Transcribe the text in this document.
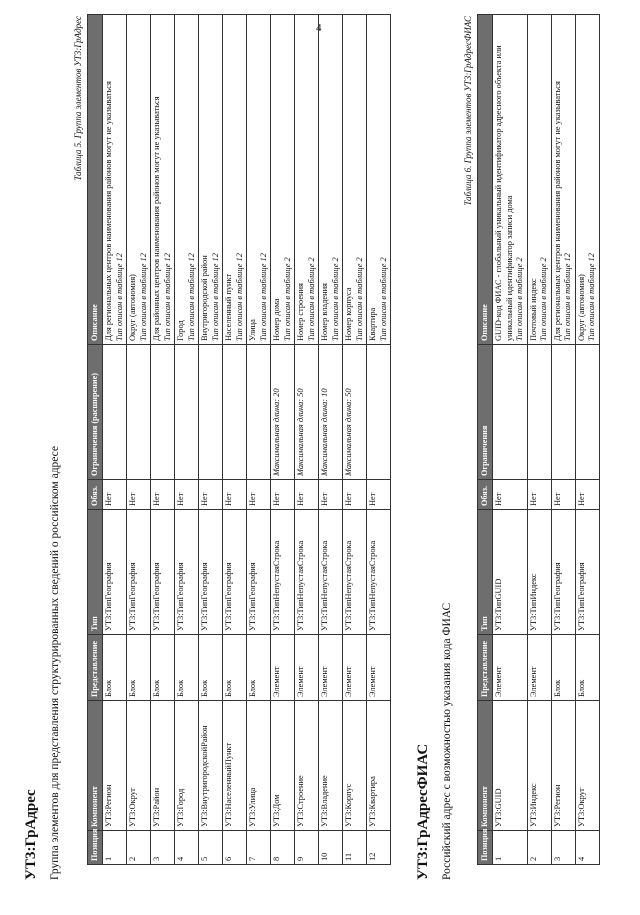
4
УТ3:ГрАдрес Группа элементов для представления структурированных сведений о российском адресе
Таблица 5. Группа элементов УТ3:ГрАдрес
Позиция	Компонент	Представление	Тип	Обяз.	Ограничения (расширение)	Описание
1	УТ3:Регион	Блок	УТ3:ТипГеография	Нет		Для региональных центров наименования районов могут не указываться Тип описан в таблице 12

2	УТ3:Округ	Блок	УТ3:ТипГеография	Нет		Округ (автономия) Тип описан в таблице 12

3	УТ3:Район	Блок	УТ3:ТипГеография	Нет		Для районных центров наименования районов могут не указываться Тип описан в таблице 12

4	УТ3:Город	Блок	УТ3:ТипГеография	Нет		Город Тип описан в таблице 12

5	УТ3:ВнутригородскойРайон	Блок	УТ3:ТипГеография	Нет		Внутригородской район Тип описан в таблице 12

6	УТ3:НаселенныйПункт	Блок	УТ3:ТипГеография	Нет		Населенный пункт Тип описан в таблице 12

7	УТ3:Улица	Блок	УТ3:ТипГеография	Нет		Улица Тип описан в таблице 12

8	УТ3:Дом	Элемент	УТ3:ТипНепустаяСтрока	Нет	Максимальная длина: 20	Номер дома Тип описан в таблице 2

9	УТ3:Строение	Элемент	УТ3:ТипНепустаяСтрока	Нет	Максимальная длина: 50	Номер строения Тип описан в таблице 2

10	УТ3:Владение	Элемент	УТ3:ТипНепустаяСтрока	Нет	Максимальная длина: 10	Номер владения Тип описан в таблице 2

11	УТ3:Корпус	Элемент	УТ3:ТипНепустаяСтрока	Нет	Максимальная длина: 50	Номер корпуса Тип описан в таблице 2

12	УТ3:Квартира	Элемент	УТ3:ТипНепустаяСтрока	Нет		Квартира Тип описан в таблице 2
УТ3:ГрАдресФИАС Российский адрес с возможностью указания кода ФИАС
Таблица 6. Группа элементов УТ3:ГрАдресФИАС
Позиция	Компонент	Представление	Тип	Обяз.	Ограничения	Описание
1	УТ3:GUID	Элемент	УТ3:ТипGUID	Нет		GUID-код ФИАС - глобальный уникальный идентификатор адресного объекта или уникальный идентификатор записи дома Тип описан в таблице 2

2	УТ3:Индекс	Элемент	УТ3:ТипИндекс	Нет		Почтовый индекс Тип описан в таблице 2

3	УТ3:Регион	Блок	УТ3:ТипГеография	Нет		Для региональных центров наименования районов могут не указываться Тип описан в таблице 12

4	УТ3:Округ	Блок	УТ3:ТипГеография	Нет		Округ (автономия) Тип описан в таблице 12
